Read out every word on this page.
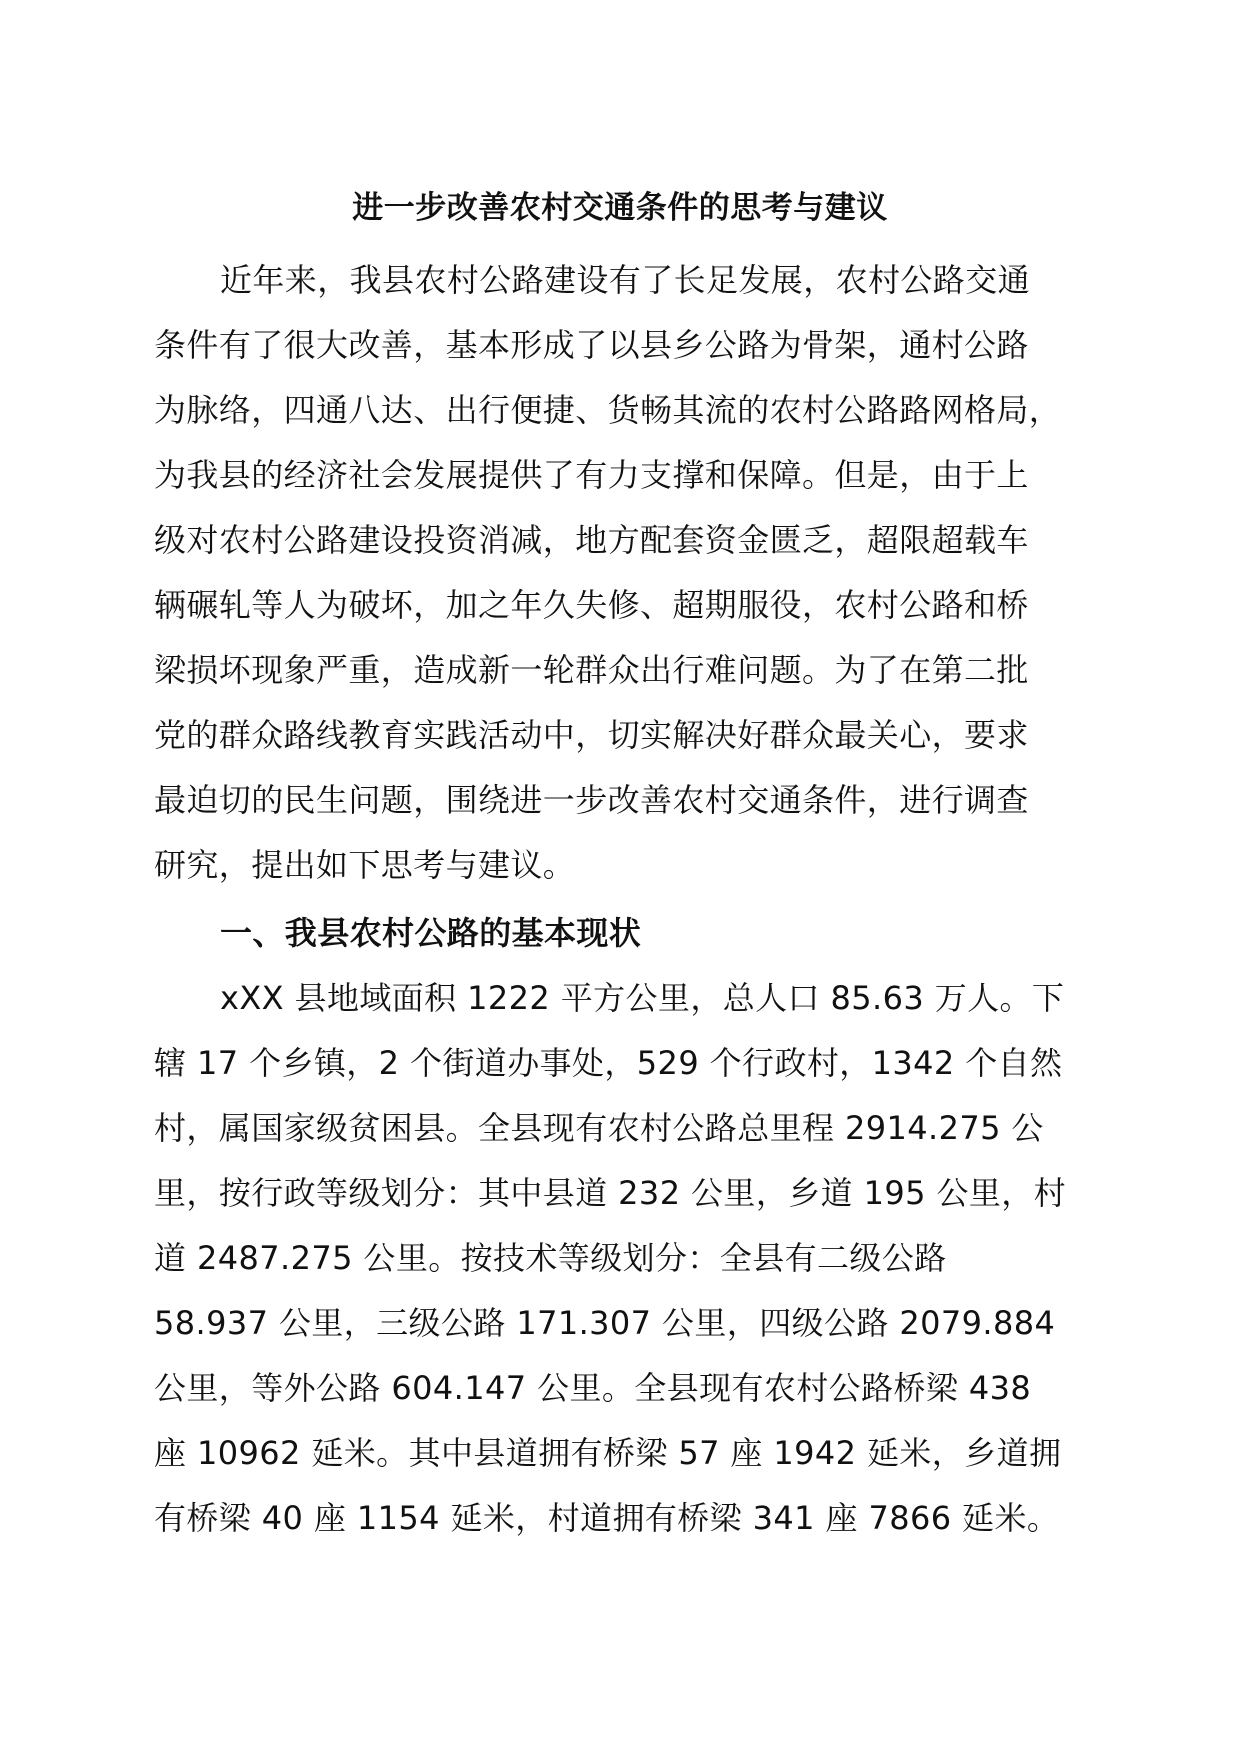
进一步改善农村交通条件的思考与建议
近年来，我县农村公路建设有了长足发展，农村公路交通
条件有了很大改善，基本形成了以县乡公路为骨架，通村公路
为脉络，四通八达、出行便捷、货畅其流的农村公路路网格局，
为我县的经济社会发展提供了有力支撑和保障。但是，由于上
级对农村公路建设投资消减，地方配套资金匮乏，超限超载车
辆碾轧等人为破坏，加之年久失修、超期服役，农村公路和桥
梁损坏现象严重，造成新一轮群众出行难问题。为了在第二批
党的群众路线教育实践活动中，切实解决好群众最关心，要求
最迫切的民生问题，围绕进一步改善农村交通条件，进行调查
研究，提出如下思考与建议。
一、我县农村公路的基本现状
xXX 县地域面积 1222 平方公里，总人口 85.63 万人。下
辖 17 个乡镇，2 个街道办事处，529 个行政村，1342 个自然
村，属国家级贫困县。全县现有农村公路总里程 2914.275 公
里，按行政等级划分：其中县道 232 公里，乡道 195 公里，村
道 2487.275 公里。按技术等级划分：全县有二级公路
58.937 公里，三级公路 171.307 公里，四级公路 2079.884
公里，等外公路 604.147 公里。全县现有农村公路桥梁 438
座 10962 延米。其中县道拥有桥梁 57 座 1942 延米，乡道拥
有桥梁 40 座 1154 延米，村道拥有桥梁 341 座 7866 延米。
